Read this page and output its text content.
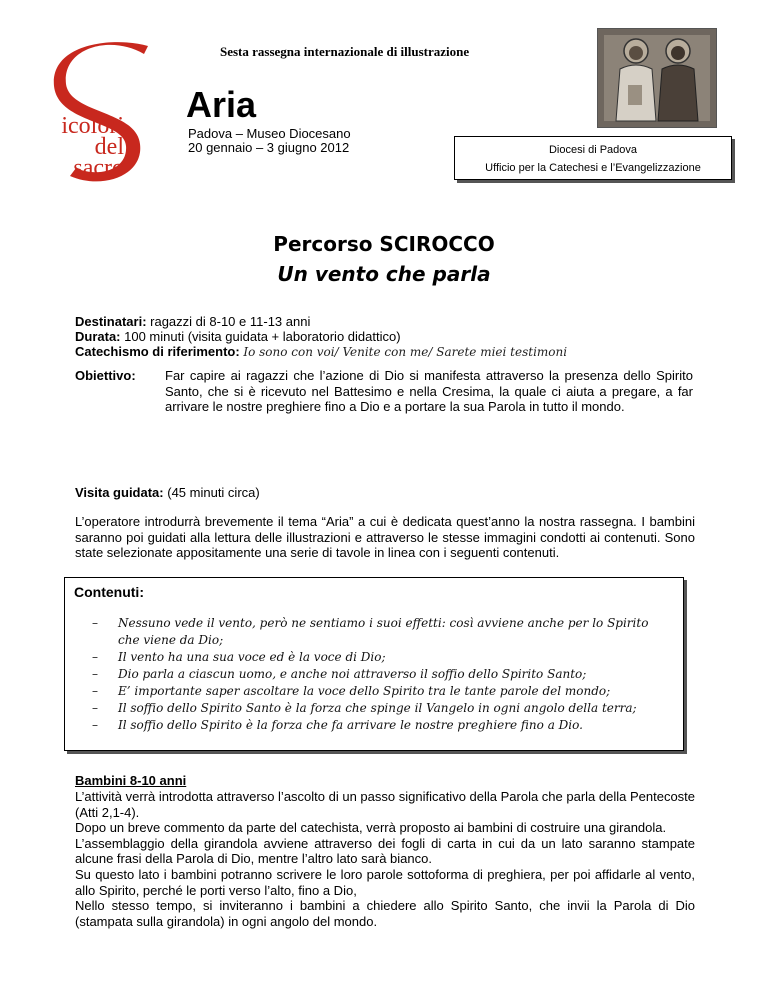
icolori
del
sacro
Sesta rassegna internazionale di illustrazione
Aria
Padova – Museo Diocesano
20 gennaio – 3 giugno 2012	Diocesi di Padova
Ufficio per la Catechesi e l’Evangelizzazione
Percorso SCIROCCO
Un vento che parla
Destinatari: ragazzi di 8-10 e 11-13 anni
Durata: 100 minuti (visita guidata + laboratorio didattico)
Catechismo di riferimento: Io sono con voi/ Venite con me/ Sarete miei testimoni
Obiettivo: Far capire ai ragazzi che l’azione di Dio si manifesta attraverso la presenza dello Spirito Santo, che si è ricevuto nel Battesimo e nella Cresima, la quale ci aiuta a pregare, a far arrivare le nostre preghiere fino a Dio e a portare la sua Parola in tutto il mondo.
Visita guidata: (45 minuti circa)
L’operatore introdurrà brevemente il tema “Aria” a cui è dedicata quest’anno la nostra rassegna. I bambini saranno poi guidati alla lettura delle illustrazioni e attraverso le stesse immagini condotti ai contenuti. Sono state selezionate appositamente una serie di tavole in linea con i seguenti contenuti.
Contenuti:
– Nessuno vede il vento, però ne sentiamo i suoi effetti: così avviene anche per lo Spirito che viene da Dio;
– Il vento ha una sua voce ed è la voce di Dio;
– Dio parla a ciascun uomo, e anche noi attraverso il soffio dello Spirito Santo;
– E’ importante saper ascoltare la voce dello Spirito tra le tante parole del mondo;
– Il soffio dello Spirito Santo è la forza che spinge il Vangelo in ogni angolo della terra;
– Il soffio dello Spirito è la forza che fa arrivare le nostre preghiere fino a Dio.
Bambini 8-10 anni

L’attività verrà introdotta attraverso l’ascolto di un passo significativo della Parola che parla della Pentecoste (Atti 2,1-4).

Dopo un breve commento da parte del catechista, verrà proposto ai bambini di costruire una girandola.

L’assemblaggio della girandola avviene attraverso dei fogli di carta in cui da un lato saranno stampate alcune frasi della Parola di Dio, mentre l’altro lato sarà bianco.

Su questo lato i bambini potranno scrivere le loro parole sottoforma di preghiera, per poi affidarle al vento, allo Spirito, perché le porti verso l’alto, fino a Dio,

Nello stesso tempo, si inviteranno i bambini a chiedere allo Spirito Santo, che invii la Parola di Dio (stampata sulla girandola) in ogni angolo del mondo.
